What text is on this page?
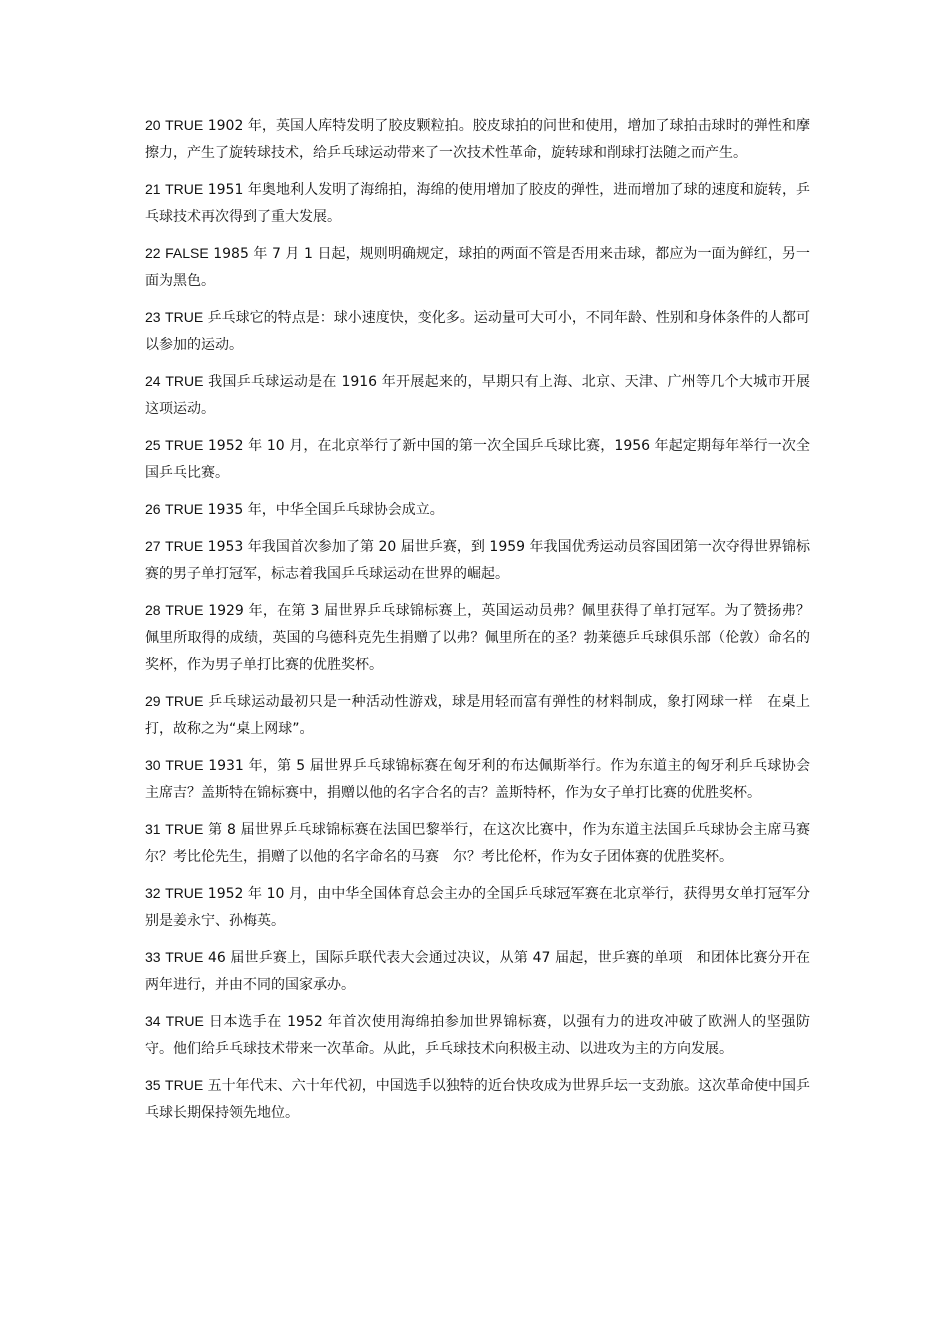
20 TRUE 1902 年，英国人库特发明了胶皮颗粒拍。胶皮球拍的问世和使用，增加了球拍击球时的弹性和摩擦力，产生了旋转球技术，给乒乓球运动带来了一次技术性革命，旋转球和削球打法随之而产生。

21 TRUE 1951 年奥地利人发明了海绵拍，海绵的使用增加了胶皮的弹性，进而增加了球的速度和旋转，乒乓球技术再次得到了重大发展。

22 FALSE 1985 年 7 月 1 日起，规则明确规定，球拍的两面不管是否用来击球，都应为一面为鲜红，另一面为黑色。

23 TRUE 乒乓球它的特点是：球小速度快，变化多。运动量可大可小，不同年龄、性别和身体条件的人都可以参加的运动。

24 TRUE 我国乒乓球运动是在 1916 年开展起来的，早期只有上海、北京、天津、广州等几个大城市开展这项运动。

25 TRUE 1952 年 10 月，在北京举行了新中国的第一次全国乒乓球比赛，1956 年起定期每年举行一次全国乒乓比赛。

26 TRUE 1935 年，中华全国乒乓球协会成立。

27 TRUE 1953 年我国首次参加了第 20 届世乒赛，到 1959 年我国优秀运动员容国团第一次夺得世界锦标赛的男子单打冠军，标志着我国乒乓球运动在世界的崛起。

28 TRUE 1929 年，在第 3 届世界乒乓球锦标赛上，英国运动员弗？佩里获得了单打冠军。为了赞扬弗？佩里所取得的成绩，英国的乌德科克先生捐赠了以弗？佩里所在的圣？勃莱德乒乓球俱乐部（伦敦）命名的奖杯，作为男子单打比赛的优胜奖杯。

29 TRUE 乒乓球运动最初只是一种活动性游戏，球是用轻而富有弹性的材料制成，象打网球一样　在桌上打，故称之为“桌上网球”。

30 TRUE 1931 年，第 5 届世界乒乓球锦标赛在匈牙利的布达佩斯举行。作为东道主的匈牙利乒乓球协会主席吉？盖斯特在锦标赛中，捐赠以他的名字合名的吉？盖斯特杯，作为女子单打比赛的优胜奖杯。

31 TRUE 第 8 届世界乒乓球锦标赛在法国巴黎举行，在这次比赛中，作为东道主法国乒乓球协会主席马赛　尔？考比伦先生，捐赠了以他的名字命名的马赛　尔？考比伦杯，作为女子团体赛的优胜奖杯。

32 TRUE 1952 年 10 月，由中华全国体育总会主办的全国乒乓球冠军赛在北京举行，获得男女单打冠军分别是姜永宁、孙梅英。

33 TRUE 46 届世乒赛上，国际乒联代表大会通过决议，从第 47 届起，世乒赛的单项　和团体比赛分开在两年进行，并由不同的国家承办。

34 TRUE 日本选手在 1952 年首次使用海绵拍参加世界锦标赛，以强有力的进攻冲破了欧洲人的坚强防守。他们给乒乓球技术带来一次革命。从此，乒乓球技术向积极主动、以进攻为主的方向发展。

35 TRUE 五十年代末、六十年代初，中国选手以独特的近台快攻成为世界乒坛一支劲旅。这次革命使中国乒乓球长期保持领先地位。
